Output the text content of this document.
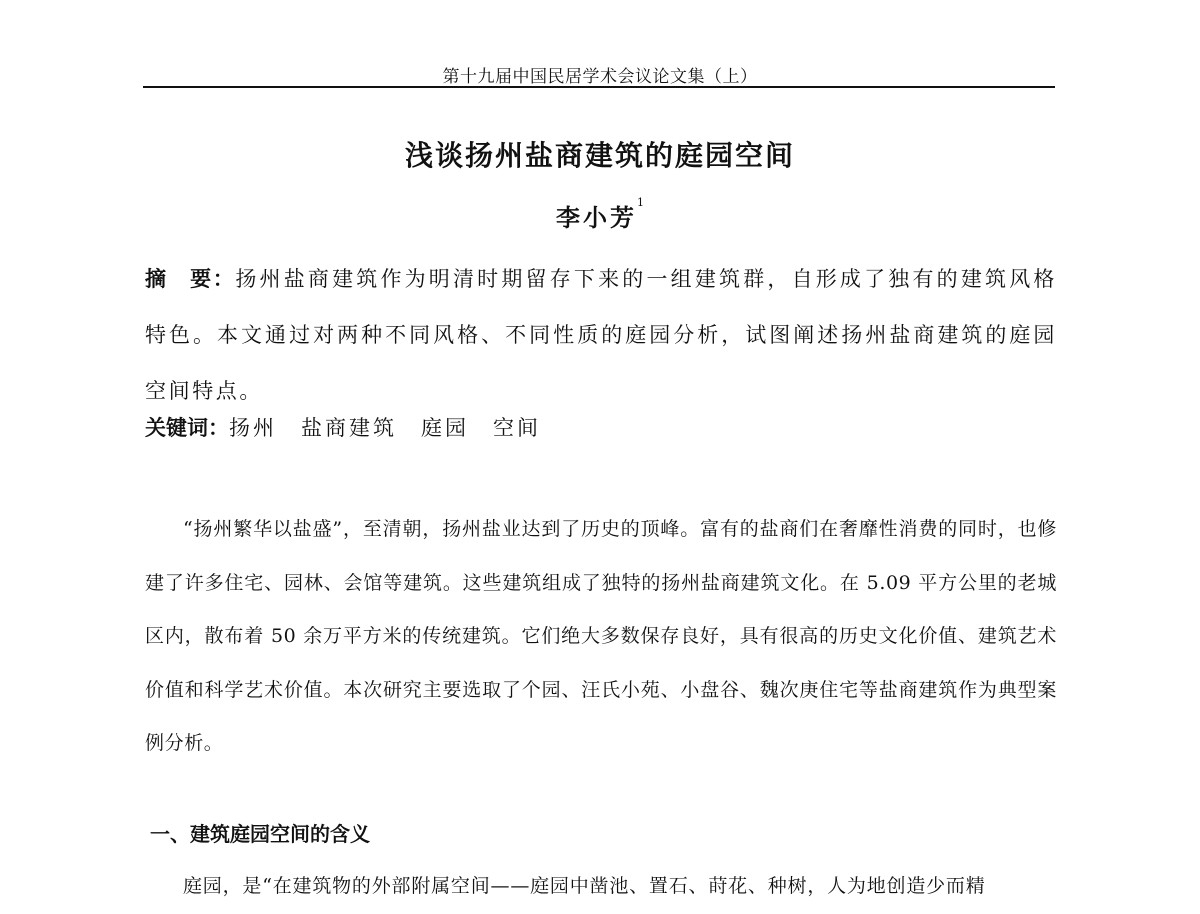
第十九届中国民居学术会议论文集（上）
浅谈扬州盐商建筑的庭园空间
李小芳$^1$
摘　要：扬州盐商建筑作为明清时期留存下来的一组建筑群，自形成了独有的建筑风格特色。本文通过对两种不同风格、不同性质的庭园分析，试图阐述扬州盐商建筑的庭园空间特点。
关键词：扬州 盐商建筑 庭园 空间
“扬州繁华以盐盛”，至清朝，扬州盐业达到了历史的顶峰。富有的盐商们在奢靡性消费的同时，也修建了许多住宅、园林、会馆等建筑。这些建筑组成了独特的扬州盐商建筑文化。在 5.09 平方公里的老城区内，散布着 50 余万平方米的传统建筑。它们绝大多数保存良好，具有很高的历史文化价值、建筑艺术价值和科学艺术价值。本次研究主要选取了个园、汪氏小苑、小盘谷、魏次庚住宅等盐商建筑作为典型案例分析。
一、建筑庭园空间的含义
庭园，是“在建筑物的外部附属空间——庭园中凿池、置石、莳花、种树，人为地创造少而精
